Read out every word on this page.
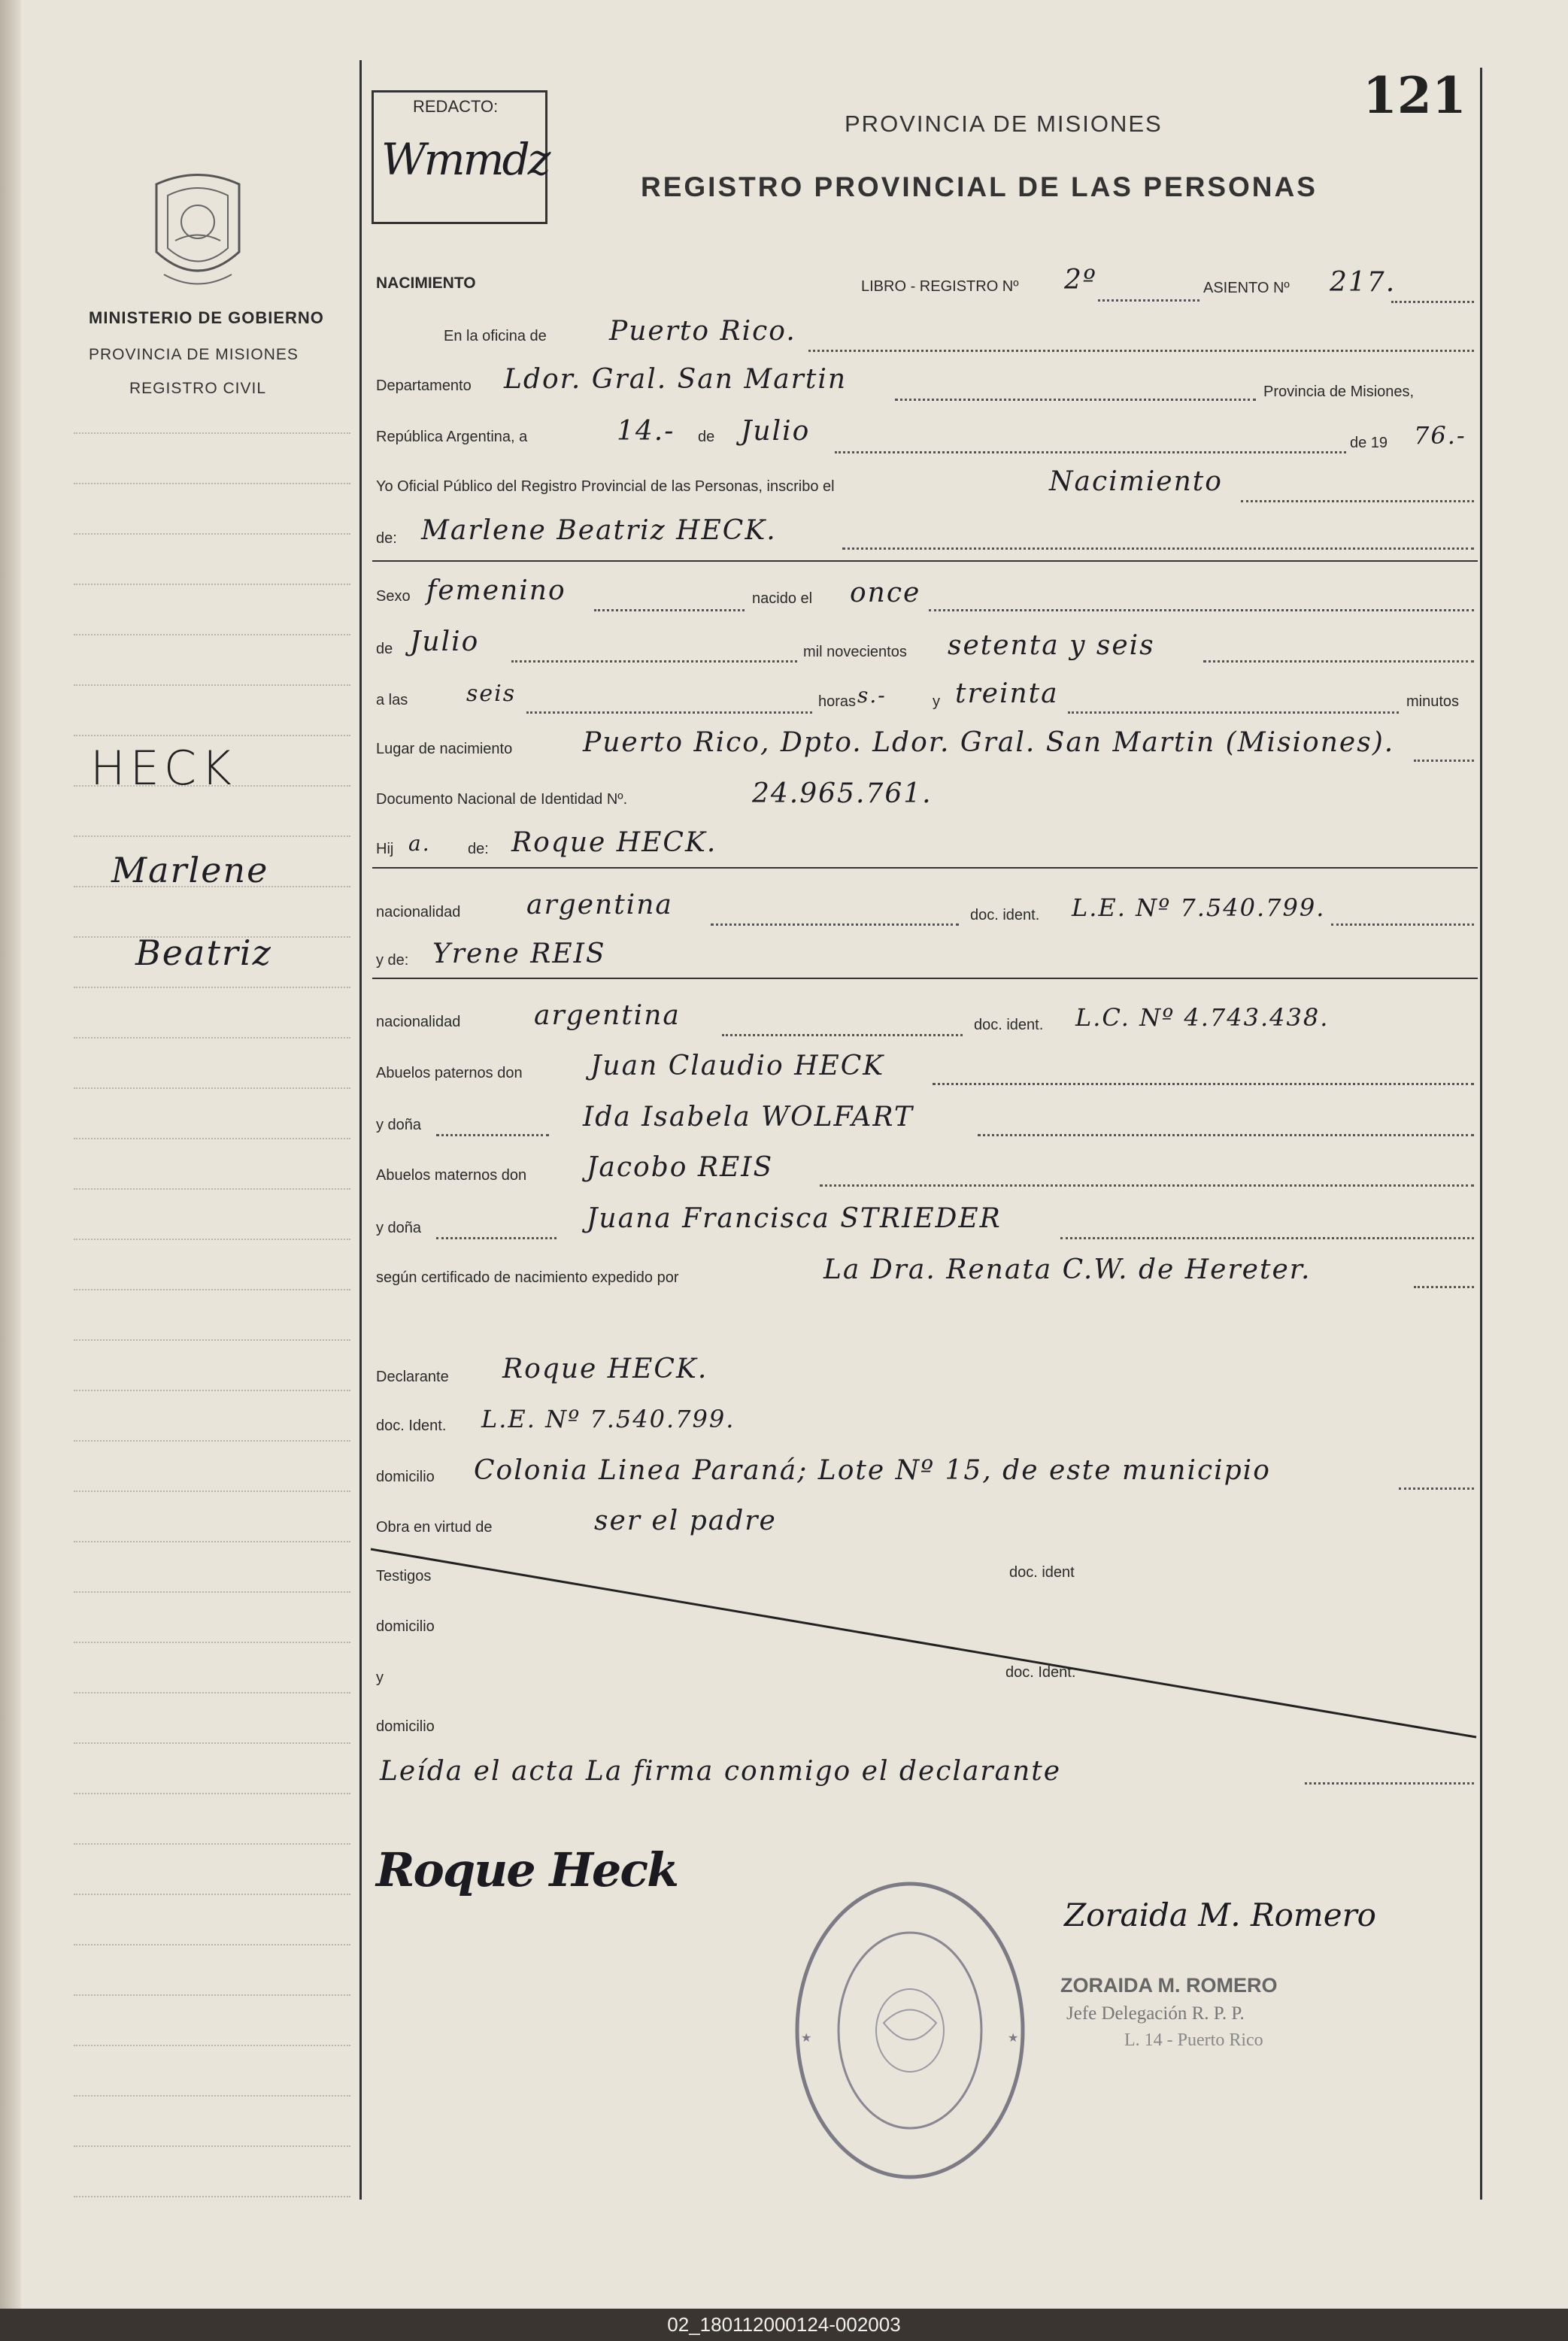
MINISTERIO DE GOBIERNO
PROVINCIA DE MISIONES
REGISTRO CIVIL
HECK
Marlene
Beatriz
REDACTO:
Wmmdz
121
PROVINCIA DE MISIONES
REGISTRO PROVINCIAL DE LAS PERSONAS
NACIMIENTO	LIBRO - REGISTRO Nº 2º	ASIENTO Nº 217.
En la oficina de Puerto Rico.
Departamento Ldor. Gral. San Martin	Provincia de Misiones,
República Argentina, a	14.- de Julio	de 19 76.-
Yo Oficial Público del Registro Provincial de las Personas, inscribo el	Nacimiento
de: Marlene Beatriz HECK.
Sexo femenino	nacido el once
de Julio	mil novecientos setenta y seis
a las	seis	horas s.-	y treinta	minutos
Lugar de nacimiento	Puerto Rico, Dpto. Ldor. Gral. San Martin (Misiones).
Documento Nacional de Identidad Nº.	24.965.761.
Hij a. de: Roque HECK.
nacionalidad argentina	doc. ident. L.E. Nº 7.540.799.
y de: Yrene REIS
nacionalidad	argentina	doc. ident. L.C. Nº 4.743.438.
Abuelos paternos don	Juan Claudio HECK
y doña	Ida Isabela WOLFART
Abuelos maternos don Jacobo REIS
y doña	Juana Francisca STRIEDER
según certificado de nacimiento expedido por	La Dra. Renata C.W. de Hereter.
Declarante Roque HECK.
doc. Ident. L.E. Nº 7.540.799.
domicilio Colonia Linea Paraná; Lote Nº 15, de este municipio
Obra en virtud de	ser el padre
Testigos	doc. ident
domicilio
y	doc. Ident.
domicilio
Leída el acta La firma conmigo el declarante
Roque Heck
Zoraida M. Romero
ZORAIDA M. ROMERO
Jefe Delegación R. P. P.
L. 14 - Puerto Rico
★	★
02_180112000124-002003
